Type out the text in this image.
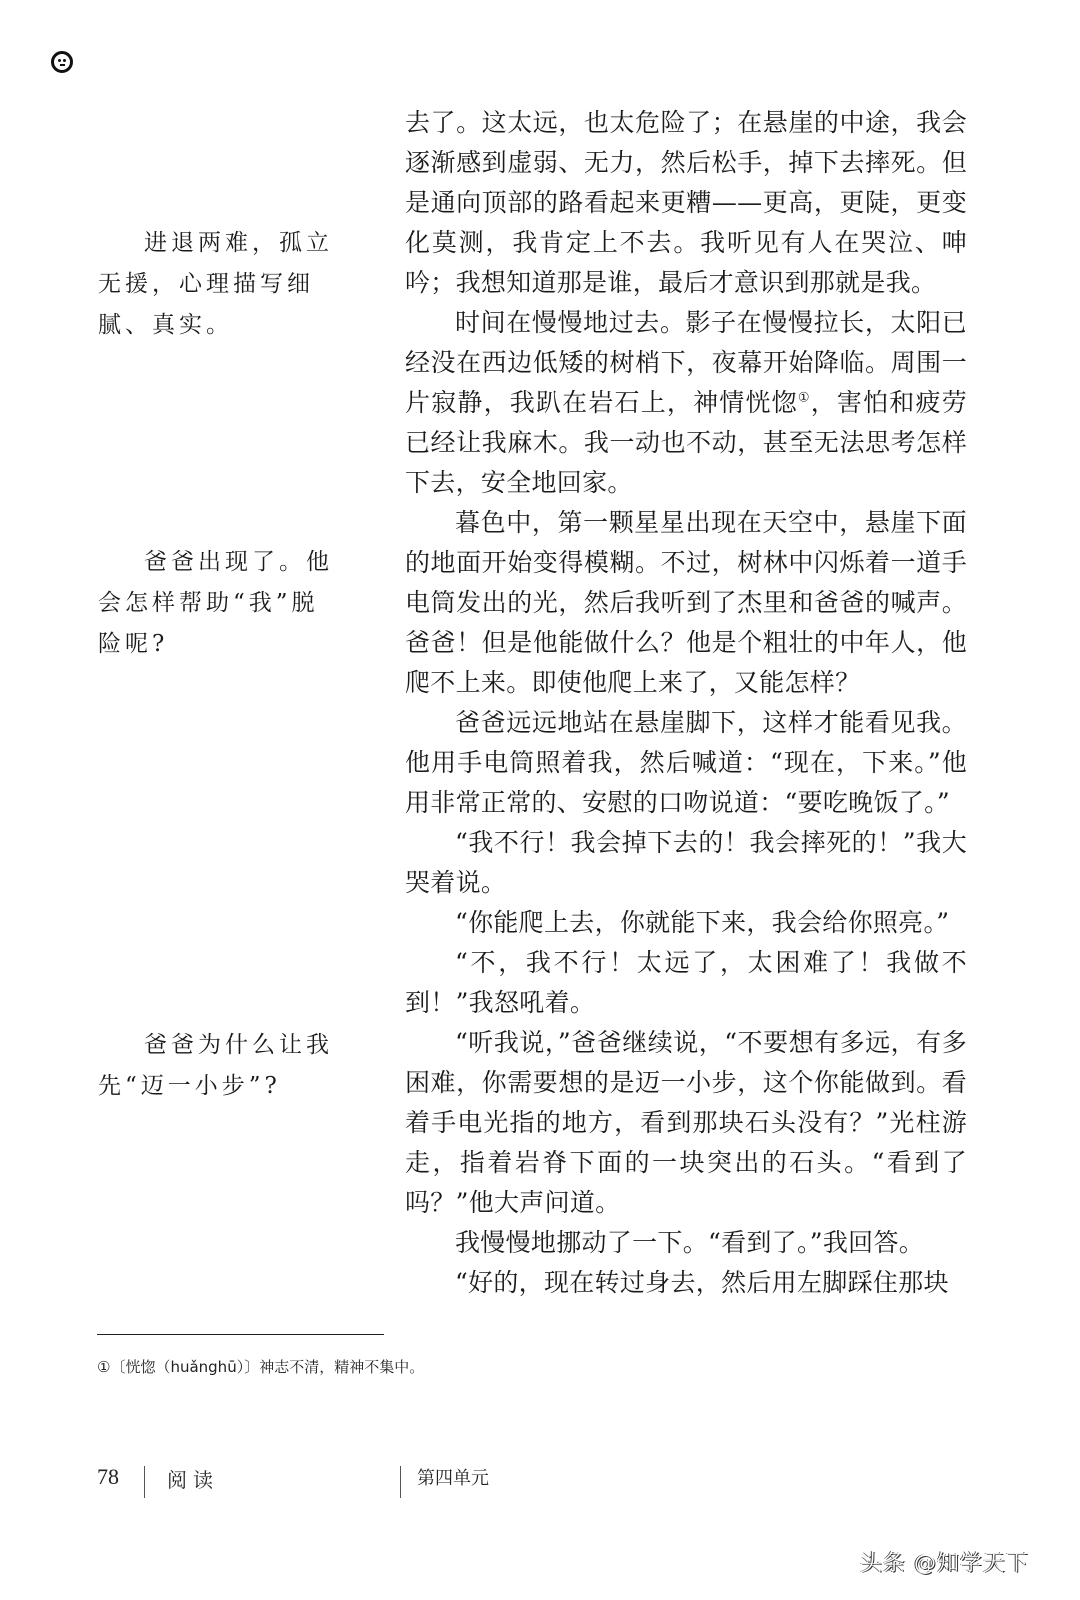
进退两难，孤立无援，心理描写细腻、真实。

爸爸出现了。他会怎样帮助“我”脱险呢?

爸爸为什么让我先“迈一小步”?

去了。这太远，也太危险了；在悬崖的中途，我会逐渐感到虚弱、无力，然后松手，掉下去摔死。但是通向顶部的路看起来更糟——更高，更陡，更变化莫测，我肯定上不去。我听见有人在哭泣、呻吟；我想知道那是谁，最后才意识到那就是我。

时间在慢慢地过去。影子在慢慢拉长，太阳已经没在西边低矮的树梢下，夜幕开始降临。周围一片寂静，我趴在岩石上，神情恍惚①，害怕和疲劳已经让我麻木。我一动也不动，甚至无法思考怎样下去，安全地回家。

暮色中，第一颗星星出现在天空中，悬崖下面的地面开始变得模糊。不过，树林中闪烁着一道手电筒发出的光，然后我听到了杰里和爸爸的喊声。爸爸！但是他能做什么？他是个粗壮的中年人，他爬不上来。即使他爬上来了，又能怎样？

爸爸远远地站在悬崖脚下，这样才能看见我。他用手电筒照着我，然后喊道：“现在，下来。”他用非常正常的、安慰的口吻说道：“要吃晚饭了。”

“我不行！我会掉下去的！我会摔死的！”我大哭着说。

“你能爬上去，你就能下来，我会给你照亮。”

“不，我不行！太远了，太困难了！我做不到！”我怒吼着。

“听我说，”爸爸继续说，“不要想有多远，有多困难，你需要想的是迈一小步，这个你能做到。看着手电光指的地方，看到那块石头没有？”光柱游走，指着岩脊下面的一块突出的石头。“看到了吗？”他大声问道。

我慢慢地挪动了一下。“看到了。”我回答。

“好的，现在转过身去，然后用左脚踩住那块

①〔恍惚（huǎnghū）〕神志不清，精神不集中。
78 阅读	第四单元
头条 @知学天下
